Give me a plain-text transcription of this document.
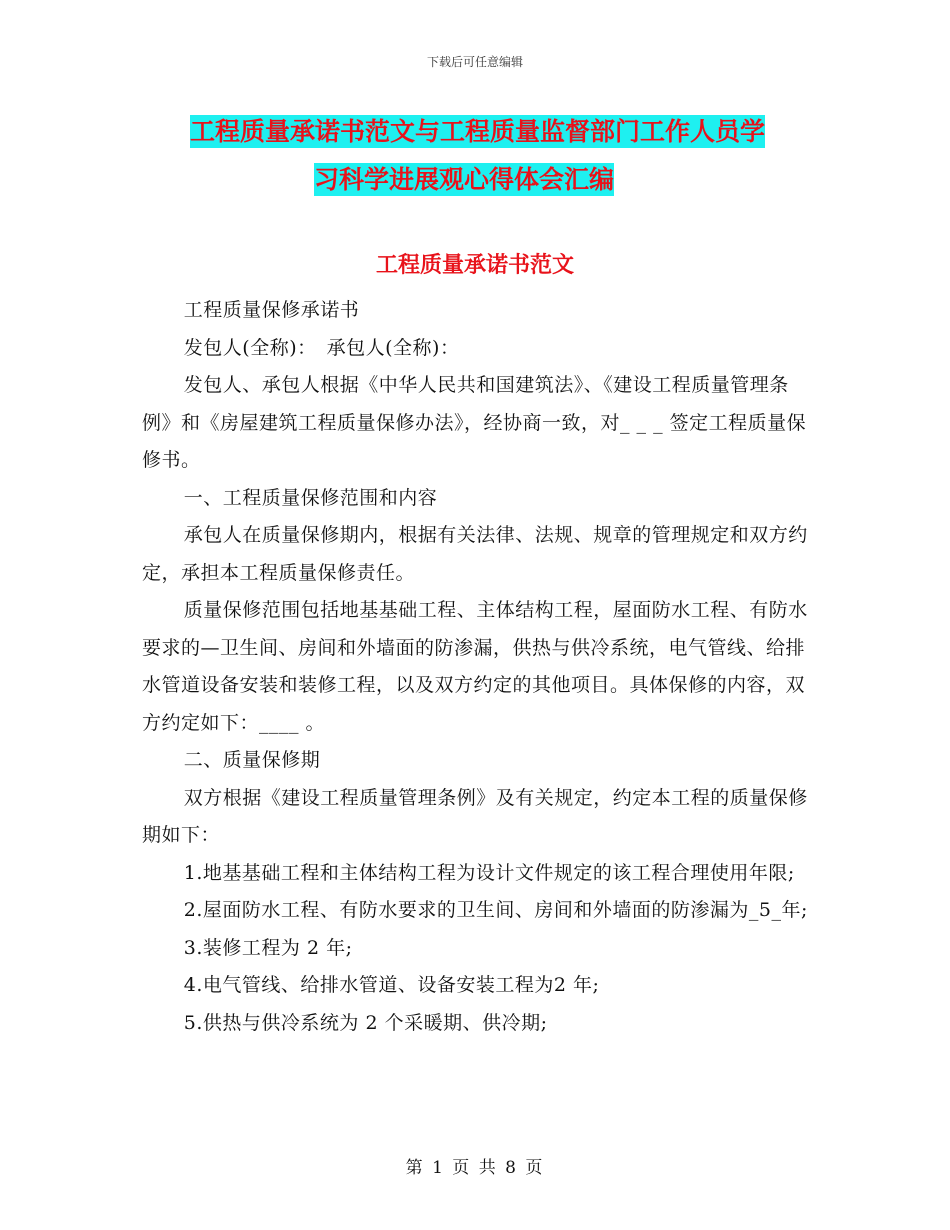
下载后可任意编辑
工程质量承诺书范文与工程质量监督部门工作人员学
习科学进展观心得体会汇编
工程质量承诺书范文

工程质量保修承诺书

发包人(全称)：　承包人(全称)：

发包人、承包人根据《中华人民共和国建筑法》、《建设工程质量管理条例》和《房屋建筑工程质量保修办法》，经协商一致，对_ _ _ 签定工程质量保修书。

一、工程质量保修范围和内容

承包人在质量保修期内，根据有关法律、法规、规章的管理规定和双方约定，承担本工程质量保修责任。

质量保修范围包括地基基础工程、主体结构工程，屋面防水工程、有防水要求的—卫生间、房间和外墙面的防渗漏，供热与供冷系统，电气管线、给排水管道设备安装和装修工程，以及双方约定的其他项目。具体保修的内容，双方约定如下：____ 。

二、质量保修期

双方根据《建设工程质量管理条例》及有关规定，约定本工程的质量保修期如下：

1.地基基础工程和主体结构工程为设计文件规定的该工程合理使用年限;

2.屋面防水工程、有防水要求的卫生间、房间和外墙面的防渗漏为_5_年;

3.装修工程为 2 年;

4.电气管线、给排水管道、设备安装工程为2 年;

5.供热与供冷系统为 2 个采暖期、供冷期;

第 1 页 共 8 页
